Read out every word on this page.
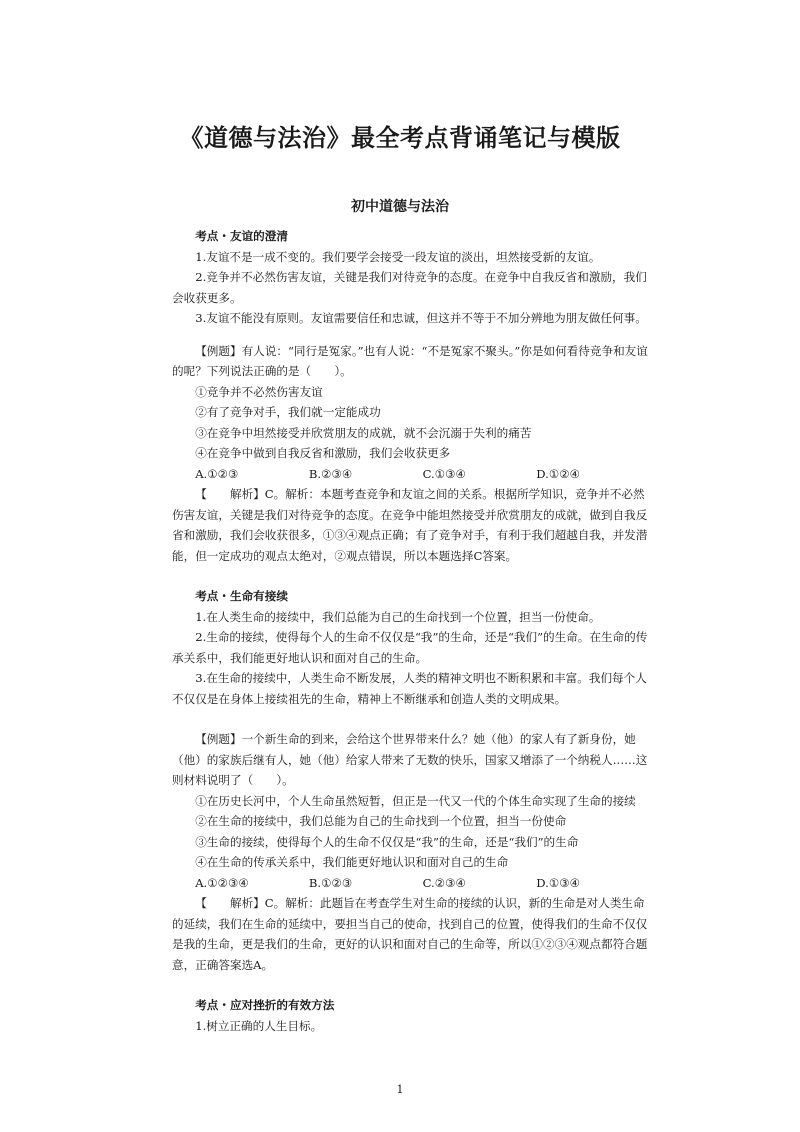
《道德与法治》最全考点背诵笔记与模版
初中道德与法治

考点・友谊的澄清

1.友谊不是一成不变的。我们要学会接受一段友谊的淡出，坦然接受新的友谊。

2.竞争并不必然伤害友谊，关键是我们对待竞争的态度。在竞争中自我反省和激励，我们会收获更多。

3.友谊不能没有原则。友谊需要信任和忠诚，但这并不等于不加分辨地为朋友做任何事。

【例题】有人说：“同行是冤家。”也有人说：“不是冤家不聚头。”你是如何看待竞争和友谊的呢？下列说法正确的是（　　）。

①竞争并不必然伤害友谊

②有了竞争对手，我们就一定能成功

③在竞争中坦然接受并欣赏朋友的成就，就不会沉溺于失利的痛苦

④在竞争中做到自我反省和激励，我们会收获更多

A.①②③	B.②③④	C.①③④	D.①②④

【　　解析】C。解析：本题考查竞争和友谊之间的关系。根据所学知识，竞争并不必然伤害友谊，关键是我们对待竞争的态度。在竞争中能坦然接受并欣赏朋友的成就，做到自我反省和激励，我们会收获很多，①③④观点正确；有了竞争对手，有利于我们超越自我，并发潜能，但一定成功的观点太绝对，②观点错误，所以本题选择C答案。

考点・生命有接续

1.在人类生命的接续中，我们总能为自己的生命找到一个位置，担当一份使命。

2.生命的接续，使得每个人的生命不仅仅是“我”的生命，还是“我们”的生命。在生命的传承关系中，我们能更好地认识和面对自己的生命。

3.在生命的接续中，人类生命不断发展，人类的精神文明也不断积累和丰富。我们每个人不仅仅是在身体上接续祖先的生命，精神上不断继承和创造人类的文明成果。

【例题】一个新生命的到来，会给这个世界带来什么？她（他）的家人有了新身份，她（他）的家族后继有人，她（他）给家人带来了无数的快乐，国家又增添了一个纳税人……这则材料说明了（　　）。

①在历史长河中，个人生命虽然短暂，但正是一代又一代的个体生命实现了生命的接续

②在生命的接续中，我们总能为自己的生命找到一个位置，担当一份使命

③生命的接续，使得每个人的生命不仅仅是“我”的生命，还是“我们”的生命

④在生命的传承关系中，我们能更好地认识和面对自己的生命

A.①②③④	B.①②③	C.②③④	D.①③④

【　　解析】C。解析：此题旨在考查学生对生命的接续的认识，新的生命是对人类生命的延续，我们在生命的延续中，要担当自己的使命，找到自己的位置，使得我们的生命不仅仅是我的生命，更是我们的生命，更好的认识和面对自己的生命等，所以①②③④观点都符合题意，正确答案选A。

考点・应对挫折的有效方法

1.树立正确的人生目标。

1
